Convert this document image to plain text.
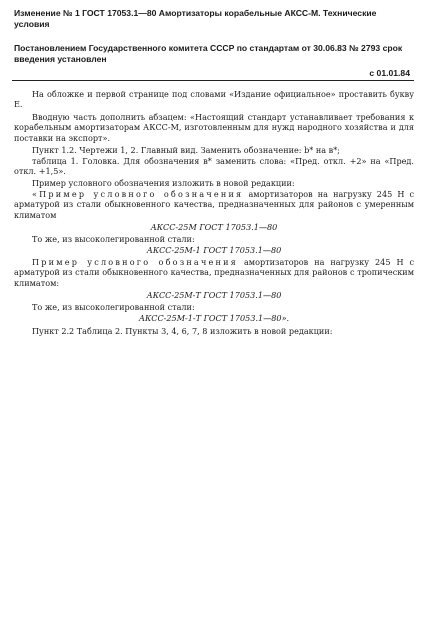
Изменение № 1 ГОСТ 17053.1—80 Амортизаторы корабельные АКСС-М. Технические условия
Постановлением Государственного комитета СССР по стандартам от 30.06.83 № 2793 срок введения установлен
с 01.01.84
На обложке и первой странице под словами «Издание официальное» проставить букву Е.
Вводную часть дополнить абзацем: «Настоящий стандарт устанавливает требования к корабельным амортизаторам АКСС-М, изготовленным для нужд народного хозяйства и для поставки на экспорт».
Пункт 1.2. Чертежи 1, 2. Главный вид. Заменить обозначение: b* на в*;
таблица 1. Головка. Для обозначения в* заменить слова: «Пред. откл. +2» на «Пред. откл. +1,5».
Пример условного обозначения изложить в новой редакции:
«Пример условного обозначения амортизаторов на нагрузку 245 Н с арматурой из стали обыкновенного качества, предназначенных для районов с умеренным климатом
АКСС-25М ГОСТ 17053.1—80
То же, из высоколегированной стали:
АКСС-25М-1 ГОСТ 17053.1—80
Пример условного обозначения амортизаторов на нагрузку 245 Н с арматурой из стали обыкновенного качества, предназначенных для районов с тропическим климатом:
АКСС-25М-Т ГОСТ 17053.1—80
То же, из высоколегированной стали:
АКСС-25М-1-Т ГОСТ 17053.1—80».
Пункт 2.2 Таблица 2. Пункты 3, 4, 6, 7, 8 изложить в новой редакции:
